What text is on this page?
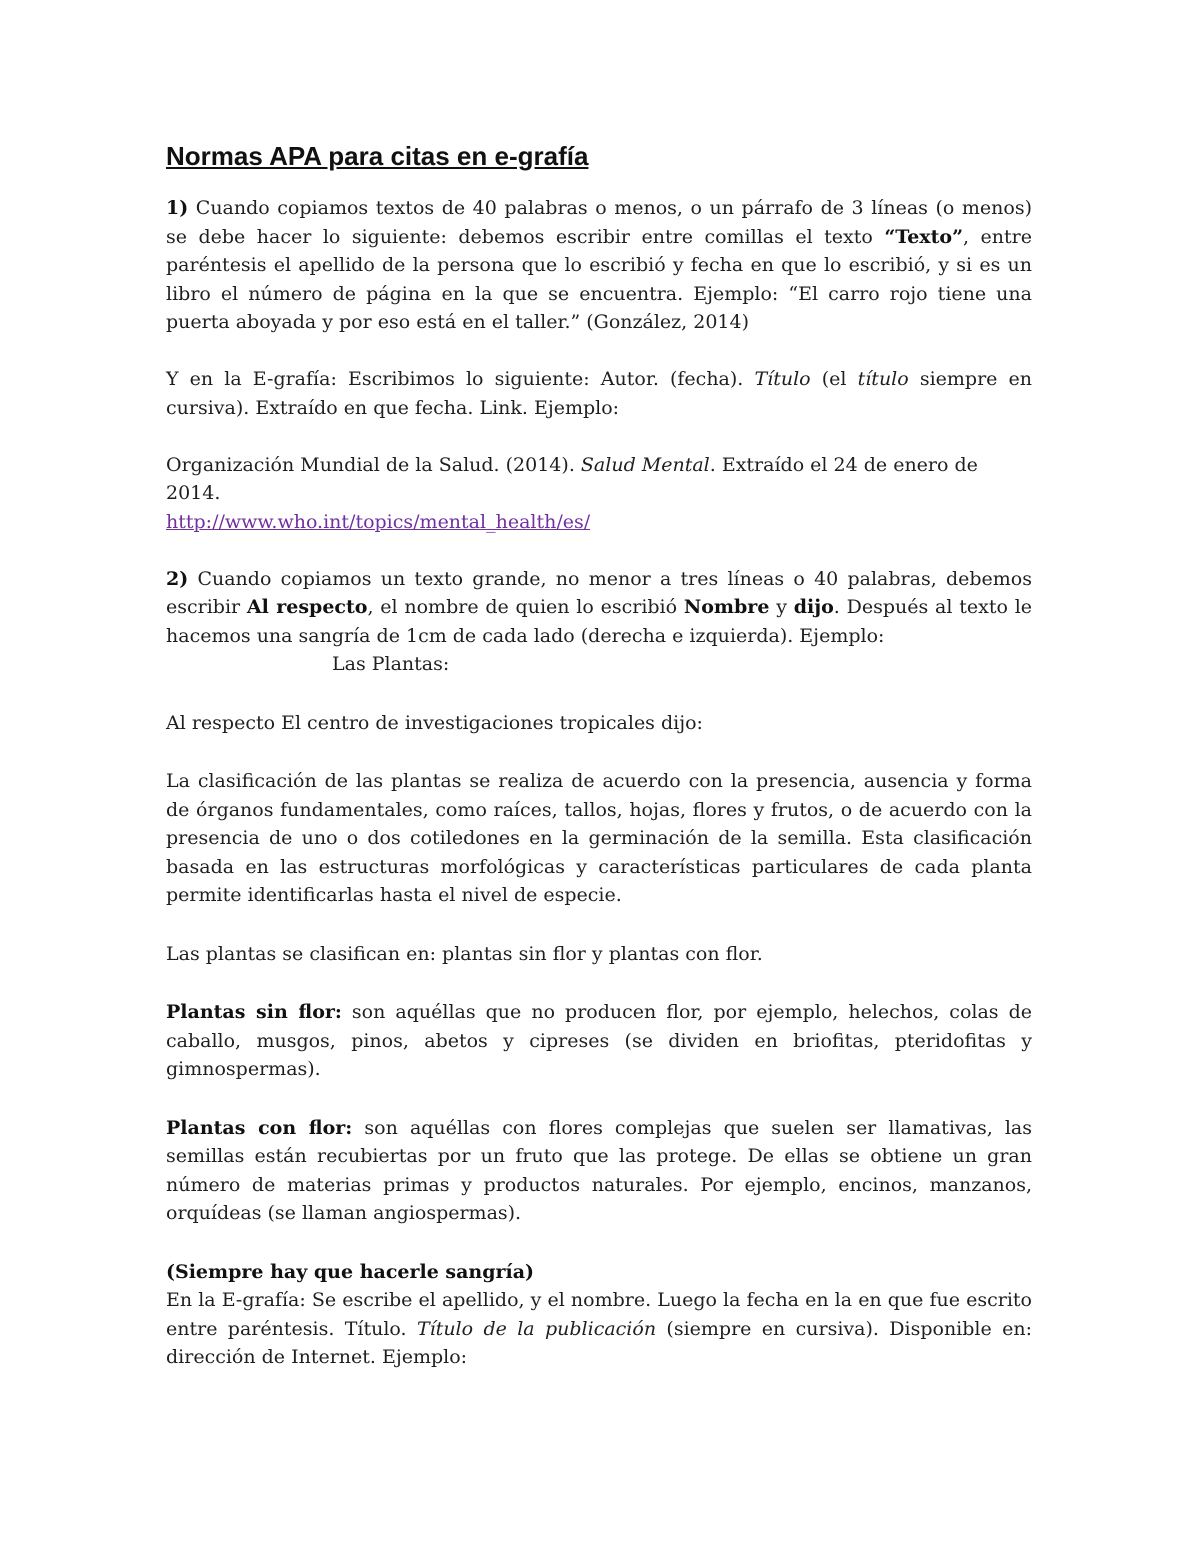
Normas APA para citas en e-grafía

1) Cuando copiamos textos de 40 palabras o menos, o un párrafo de 3 líneas (o menos) se debe hacer lo siguiente: debemos escribir entre comillas el texto “Texto”, entre paréntesis el apellido de la persona que lo escribió y fecha en que lo escribió, y si es un libro el número de página en la que se encuentra. Ejemplo: “El carro rojo tiene una puerta aboyada y por eso está en el taller.” (González, 2014)

Y en la E-grafía: Escribimos lo siguiente: Autor. (fecha). Título (el título siempre en cursiva). Extraído en que fecha. Link. Ejemplo:

Organización Mundial de la Salud. (2014). Salud Mental. Extraído el 24 de enero de 2014.
http://www.who.int/topics/mental_health/es/

2) Cuando copiamos un texto grande, no menor a tres líneas o 40 palabras, debemos escribir Al respecto, el nombre de quien lo escribió Nombre y dijo. Después al texto le hacemos una sangría de 1cm de cada lado (derecha e izquierda). Ejemplo:

Las Plantas:

Al respecto El centro de investigaciones tropicales dijo:

La clasificación de las plantas se realiza de acuerdo con la presencia, ausencia y forma de órganos fundamentales, como raíces, tallos, hojas, flores y frutos, o de acuerdo con la presencia de uno o dos cotiledones en la germinación de la semilla. Esta clasificación basada en las estructuras morfológicas y características particulares de cada planta permite identificarlas hasta el nivel de especie.

Las plantas se clasifican en: plantas sin flor y plantas con flor.

Plantas sin flor: son aquéllas que no producen flor, por ejemplo, helechos, colas de caballo, musgos, pinos, abetos y cipreses (se dividen en briofitas, pteridofitas y gimnospermas).

Plantas con flor: son aquéllas con flores complejas que suelen ser llamativas, las semillas están recubiertas por un fruto que las protege. De ellas se obtiene un gran número de materias primas y productos naturales. Por ejemplo, encinos, manzanos, orquídeas (se llaman angiospermas).

(Siempre hay que hacerle sangría)

En la E-grafía: Se escribe el apellido, y el nombre. Luego la fecha en la en que fue escrito entre paréntesis. Título. Título de la publicación (siempre en cursiva). Disponible en: dirección de Internet. Ejemplo:
